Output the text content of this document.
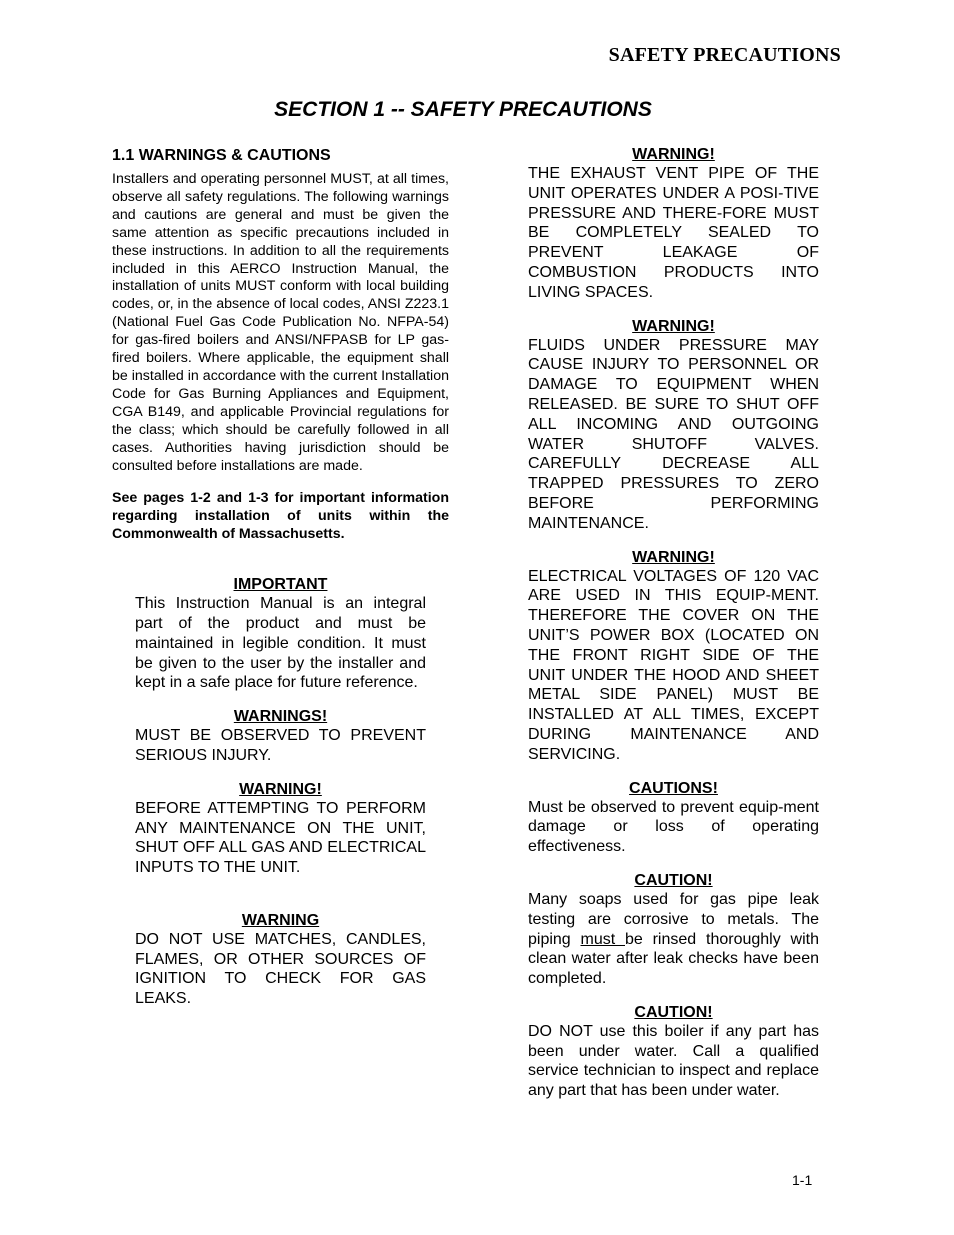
SAFETY PRECAUTIONS
SECTION 1 -- SAFETY PRECAUTIONS
1.1 WARNINGS & CAUTIONS

Installers and operating personnel MUST, at all times, observe all safety regulations. The following warnings and cautions are general and must be given the same attention as specific precautions included in these instructions. In addition to all the requirements included in this AERCO Instruction Manual, the installation of units MUST conform with local building codes, or, in the absence of local codes, ANSI Z223.1 (National Fuel Gas Code Publication No. NFPA-54) for gas-fired boilers and ANSI/NFPASB for LP gas-fired boilers. Where applicable, the equipment shall be installed in accordance with the current Installation Code for Gas Burning Appliances and Equipment, CGA B149, and applicable Provincial regulations for the class; which should be carefully followed in all cases. Authorities having jurisdiction should be consulted before installations are made.

See pages 1-2 and 1-3 for important information regarding installation of units within the Commonwealth of Massachusetts.

IMPORTANT
This Instruction Manual is an integral part of the product and must be maintained in legible condition. It must be given to the user by the installer and kept in a safe place for future reference.
WARNINGS!
MUST BE OBSERVED TO PREVENT SERIOUS INJURY.
WARNING!
BEFORE ATTEMPTING TO PERFORM ANY MAINTENANCE ON THE UNIT, SHUT OFF ALL GAS AND ELECTRICAL INPUTS TO THE UNIT.
WARNING
DO NOT USE MATCHES, CANDLES, FLAMES, OR OTHER SOURCES OF IGNITION TO CHECK FOR GAS LEAKS.
WARNING!
THE EXHAUST VENT PIPE OF THE UNIT OPERATES UNDER A POSI-TIVE PRESSURE AND THERE-FORE MUST BE COMPLETELY SEALED TO PREVENT LEAKAGE OF COMBUSTION PRODUCTS INTO LIVING SPACES.
WARNING!
FLUIDS UNDER PRESSURE MAY CAUSE INJURY TO PERSONNEL OR DAMAGE TO EQUIPMENT WHEN RELEASED. BE SURE TO SHUT OFF ALL INCOMING AND OUTGOING WATER SHUTOFF VALVES. CAREFULLY DECREASE ALL TRAPPED PRESSURES TO ZERO BEFORE PERFORMING MAINTENANCE.
WARNING!
ELECTRICAL VOLTAGES OF 120 VAC ARE USED IN THIS EQUIP-MENT. THEREFORE THE COVER ON THE UNIT’S POWER BOX (LOCATED ON THE FRONT RIGHT SIDE OF THE UNIT UNDER THE HOOD AND SHEET METAL SIDE PANEL) MUST BE INSTALLED AT ALL TIMES, EXCEPT DURING MAINTENANCE AND SERVICING.
CAUTIONS!
Must be observed to prevent equip-ment damage or loss of operating effectiveness.
CAUTION!
Many soaps used for gas pipe leak testing are corrosive to metals. The piping must be rinsed thoroughly with clean water after leak checks have been completed.
CAUTION!
DO NOT use this boiler if any part has been under water. Call a qualified service technician to inspect and replace any part that has been under water.
1-1
